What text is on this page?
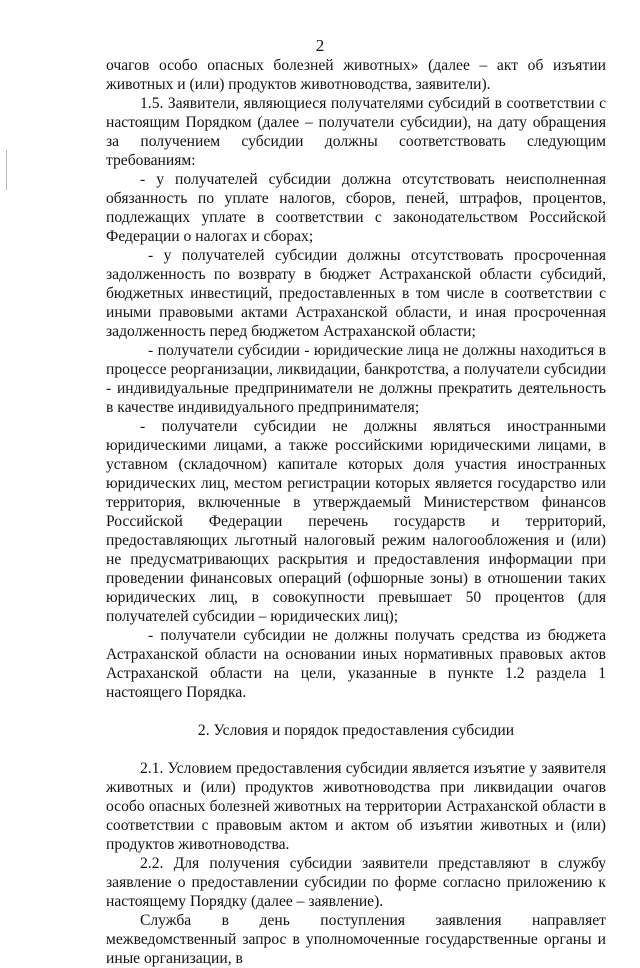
2

очагов особо опасных болезней животных» (далее – акт об изъятии животных и (или) продуктов животноводства, заявители).

1.5. Заявители, являющиеся получателями субсидий в соответствии с настоящим Порядком (далее – получатели субсидии), на дату обращения за получением субсидии должны соответствовать следующим требованиям:

- у получателей субсидии должна отсутствовать неисполненная обязанность по уплате налогов, сборов, пеней, штрафов, процентов, подлежащих уплате в соответствии с законодательством Российской Федерации о налогах и сборах;

- у получателей субсидии должны отсутствовать просроченная задолженность по возврату в бюджет Астраханской области субсидий, бюджетных инвестиций, предоставленных в том числе в соответствии с иными правовыми актами Астраханской области, и иная просроченная задолженность перед бюджетом Астраханской области;

- получатели субсидии - юридические лица не должны находиться в процессе реорганизации, ликвидации, банкротства, а получатели субсидии - индивидуальные предприниматели не должны прекратить деятельность в качестве индивидуального предпринимателя;

- получатели субсидии не должны являться иностранными юридическими лицами, а также российскими юридическими лицами, в уставном (складочном) капитале которых доля участия иностранных юридических лиц, местом регистрации которых является государство или территория, включенные в утверждаемый Министерством финансов Российской Федерации перечень государств и территорий, предоставляющих льготный налоговый режим налогообложения и (или) не предусматривающих раскрытия и предоставления информации при проведении финансовых операций (офшорные зоны) в отношении таких юридических лиц, в совокупности превышает 50 процентов (для получателей субсидии – юридических лиц);

- получатели субсидии не должны получать средства из бюджета Астраханской области на основании иных нормативных правовых актов Астраханской области на цели, указанные в пункте 1.2 раздела 1 настоящего Порядка.

2. Условия и порядок предоставления субсидии

2.1. Условием предоставления субсидии является изъятие у заявителя животных и (или) продуктов животноводства при ликвидации очагов особо опасных болезней животных на территории Астраханской области в соответствии с правовым актом и актом об изъятии животных и (или) продуктов животноводства.

2.2. Для получения субсидии заявители представляют в службу заявление о предоставлении субсидии по форме согласно приложению к настоящему Порядку (далее – заявление).

Служба в день поступления заявления направляет межведомственный запрос в уполномоченные государственные органы и иные организации, в
